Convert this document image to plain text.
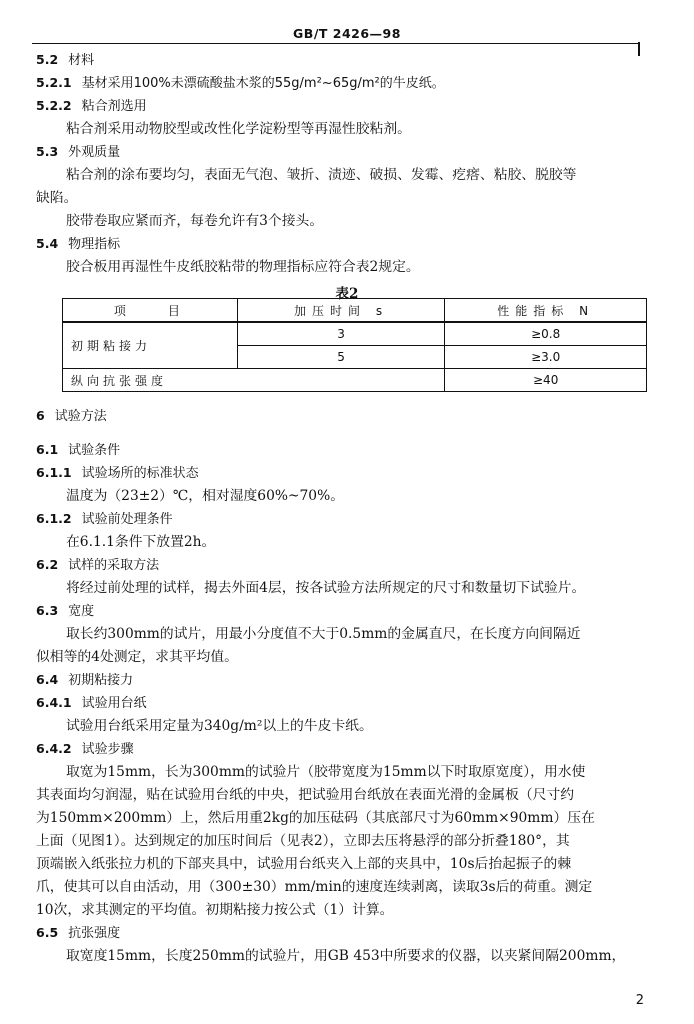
GB/T 2426—98
5.2 材料
5.2.1 基材采用100%未漂硫酸盐木浆的55g/m²~65g/m²的牛皮纸。
5.2.2 粘合剂选用
粘合剂采用动物胶型或改性化学淀粉型等再湿性胶粘剂。
5.3 外观质量
粘合剂的涂布要均匀，表面无气泡、皱折、渍迹、破损、发霉、疙瘩、粘胶、脱胶等
缺陷。
胶带卷取应紧而齐，每卷允许有3个接头。
5.4 物理指标
胶合板用再湿性牛皮纸胶粘带的物理指标应符合表2规定。
6 试验方法
6.1 试验条件
6.1.1 试验场所的标准状态
温度为（23±2）℃，相对湿度60%~70%。
6.1.2 试验前处理条件
在6.1.1条件下放置2h。
6.2 试样的采取方法
将经过前处理的试样，揭去外面4层，按各试验方法所规定的尺寸和数量切下试验片。
6.3 宽度
取长约300mm的试片，用最小分度值不大于0.5mm的金属直尺，在长度方向间隔近
似相等的4处测定，求其平均值。
6.4 初期粘接力
6.4.1 试验用台纸
试验用台纸采用定量为340g/m²以上的牛皮卡纸。
6.4.2 试验步骤
取宽为15mm，长为300mm的试验片（胶带宽度为15mm以下时取原宽度），用水使
其表面均匀润湿，贴在试验用台纸的中央，把试验用台纸放在表面光滑的金属板（尺寸约
为150mm×200mm）上，然后用重2kg的加压砝码（其底部尺寸为60mm×90mm）压在
上面（见图1）。达到规定的加压时间后（见表2），立即去压将悬浮的部分折叠180°，其
顶端嵌入纸张拉力机的下部夹具中，试验用台纸夹入上部的夹具中，10s后抬起振子的棘
爪，使其可以自由活动，用（300±30）mm/min的速度连续剥离，读取3s后的荷重。测定
10次，求其测定的平均值。初期粘接力按公式（1）计算。
6.5 抗张强度
取宽度15mm，长度250mm的试验片，用GB 453中所要求的仪器，以夹紧间隔200mm，
表2
项　　目	加压时间 s	性能指标 N
初期粘接力	3	≥0.8
	5	≥3.0
纵向抗张强度		≥40
2
